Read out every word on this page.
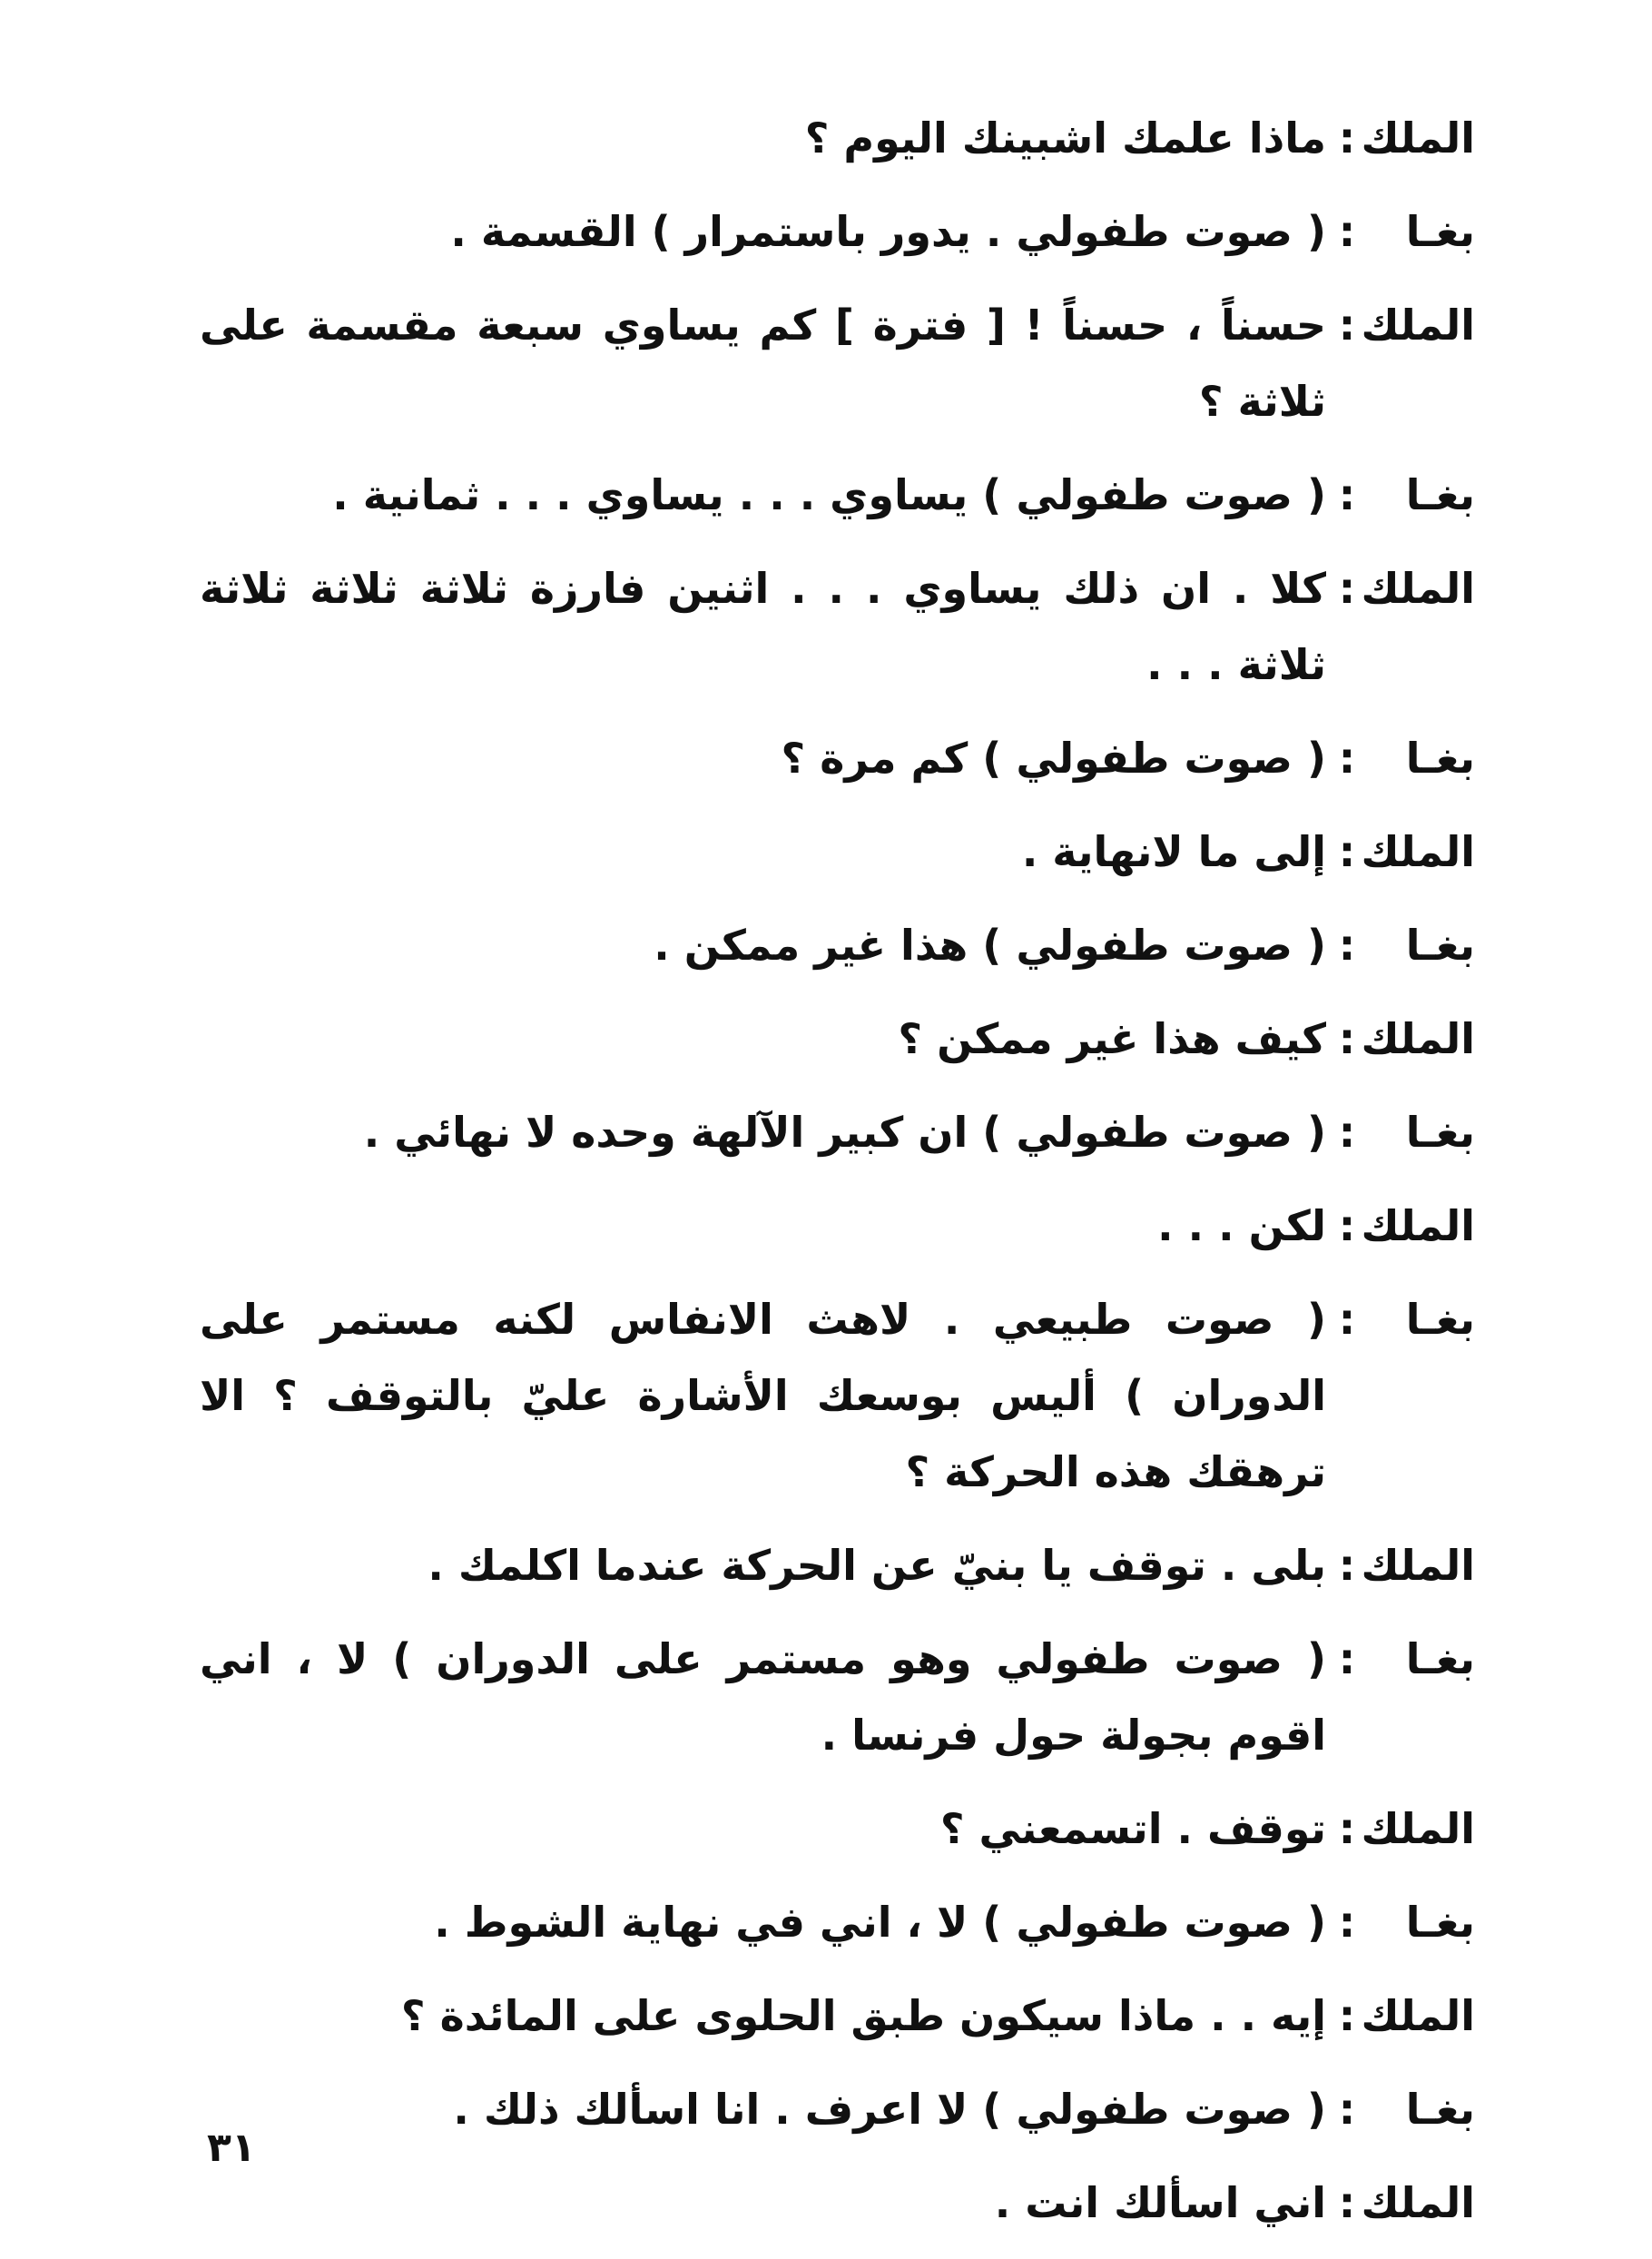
الملك
:
ماذا علمك اشبينك اليوم ؟
بغـا
:
( صوت طفولي . يدور باستمرار ) القسمة .
الملك
:
حسناً ، حسناً ! [ فترة ] كم يساوي سبعة مقسمة على ثلاثة ؟
بغـا
:
( صوت طفولي ) يساوي . . . يساوي . . . ثمانية .
الملك
:
كلا . ان ذلك يساوي . . . اثنين فارزة ثلاثة ثلاثة ثلاثة ثلاثة . . .
بغـا
:
( صوت طفولي ) كم مرة ؟
الملك
:
إلى ما لانهاية .
بغـا
:
( صوت طفولي ) هذا غير ممكن .
الملك
:
كيف هذا غير ممكن ؟
بغـا
:
( صوت طفولي ) ان كبير الآلهة وحده لا نهائي .
الملك
:
لكن . . .
بغـا
:
( صوت طبيعي . لاهث الانفاس لكنه مستمر على الدوران ) أليس بوسعك الأشارة عليّ بالتوقف ؟ الا ترهقك هذه الحركة ؟
الملك
:
بلى . توقف يا بنيّ عن الحركة عندما اكلمك .
بغـا
:
( صوت طفولي وهو مستمر على الدوران ) لا ، اني اقوم بجولة حول فرنسا .
الملك
:
توقف . اتسمعني ؟
بغـا
:
( صوت طفولي ) لا ، اني في نهاية الشوط .
الملك
:
إيه . . ماذا سيكون طبق الحلوى على المائدة ؟
بغـا
:
( صوت طفولي ) لا اعرف . انا اسألك ذلك .
الملك
:
اني اسألك انت .
٣١
